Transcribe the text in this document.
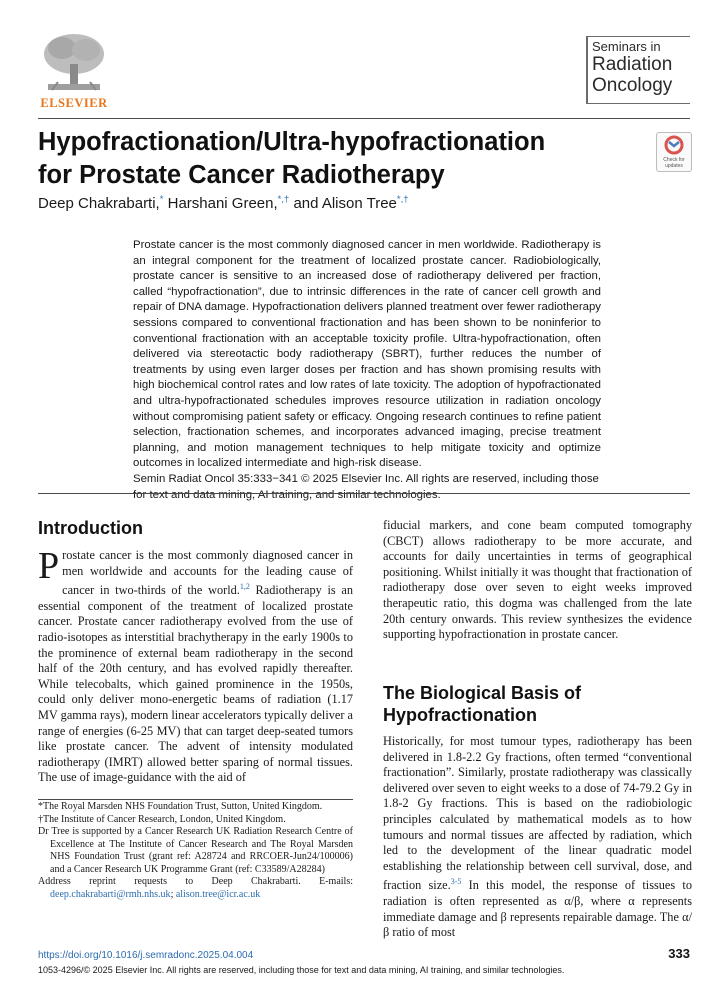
ELSEVIER
Seminars in
Radiation
Oncology
Hypofractionation/Ultra-hypofractionation
for Prostate Cancer Radiotherapy
Check for updates
Deep Chakrabarti,* Harshani Green,*,† and Alison Tree*,†

Prostate cancer is the most commonly diagnosed cancer in men worldwide. Radiotherapy is an integral component for the treatment of localized prostate cancer. Radiobiologically, prostate cancer is sensitive to an increased dose of radiotherapy delivered per fraction, called “hypofractionation”, due to intrinsic differences in the rate of cancer cell growth and repair of DNA damage. Hypofractionation delivers planned treatment over fewer radiotherapy sessions compared to conventional fractionation and has been shown to be noninferior to conventional fractionation with an acceptable toxicity profile. Ultra-hypofractionation, often delivered via stereotactic body radiotherapy (SBRT), further reduces the number of treatments by using even larger doses per fraction and has shown promising results with high biochemical control rates and low rates of late toxicity. The adoption of hypofractionated and ultra-hypofractionated schedules improves resource utilization in radiation oncology without compromising patient safety or efficacy. Ongoing research continues to refine patient selection, fractionation schemes, and incorporates advanced imaging, precise treatment planning, and motion management techniques to help mitigate toxicity and optimize outcomes in localized intermediate and high-risk disease.

Semin Radiat Oncol 35:333−341 © 2025 Elsevier Inc. All rights are reserved, including those for text and data mining, AI training, and similar technologies.

Introduction
Prostate cancer is the most commonly diagnosed cancer in men worldwide and accounts for the leading cause of cancer in two-thirds of the world.$^{1,2}$ Radiotherapy is an essential component of the treatment of localized prostate cancer. Prostate cancer radiotherapy evolved from the use of radio-isotopes as interstitial brachytherapy in the early 1900s to the prominence of external beam radiotherapy in the second half of the 20th century, and has evolved rapidly thereafter. While telecobalts, which gained prominence in the 1950s, could only deliver mono-energetic beams of radiation (1.17 MV gamma rays), modern linear accelerators typically deliver a range of energies (6-25 MV) that can target deep-seated tumors like prostate cancer. The advent of intensity modulated radiotherapy (IMRT) allowed better sparing of normal tissues. The use of image-guidance with the aid of
fiducial markers, and cone beam computed tomography (CBCT) allows radiotherapy to be more accurate, and accounts for daily uncertainties in terms of geographical positioning. Whilst initially it was thought that fractionation of radiotherapy dose over seven to eight weeks improved therapeutic ratio, this dogma was challenged from the late 20th century onwards. This review synthesizes the evidence supporting hypofractionation in prostate cancer.
The Biological Basis of
Hypofractionation
Historically, for most tumour types, radiotherapy has been delivered in 1.8-2.2 Gy fractions, often termed “conventional fractionation”. Similarly, prostate radiotherapy was classically delivered over seven to eight weeks to a dose of 74-79.2 Gy in 1.8-2 Gy fractions. This is based on the radiobiologic principles calculated by mathematical models as to how tumours and normal tissues are affected by radiation, which led to the development of the linear quadratic model establishing the relationship between cell survival, dose, and fraction size.$^{3-5}$ In this model, the response of tissues to radiation is often represented as α/β, where α represents immediate damage and β represents repairable damage. The α/β ratio of most

*The Royal Marsden NHS Foundation Trust, Sutton, United Kingdom.

†The Institute of Cancer Research, London, United Kingdom.

Dr Tree is supported by a Cancer Research UK Radiation Research Centre of Excellence at The Institute of Cancer Research and The Royal Marsden NHS Foundation Trust (grant ref: A28724 and RRCOER-Jun24/100006) and a Cancer Research UK Programme Grant (ref: C33589/A28284)

Address reprint requests to Deep Chakrabarti. E-mails: deep.chakrabarti@rmh.nhs.uk; alison.tree@icr.ac.uk

https://doi.org/10.1016/j.semradonc.2025.04.004
1053-4296/© 2025 Elsevier Inc. All rights are reserved, including those for text and data mining, AI training, and similar technologies.
333
